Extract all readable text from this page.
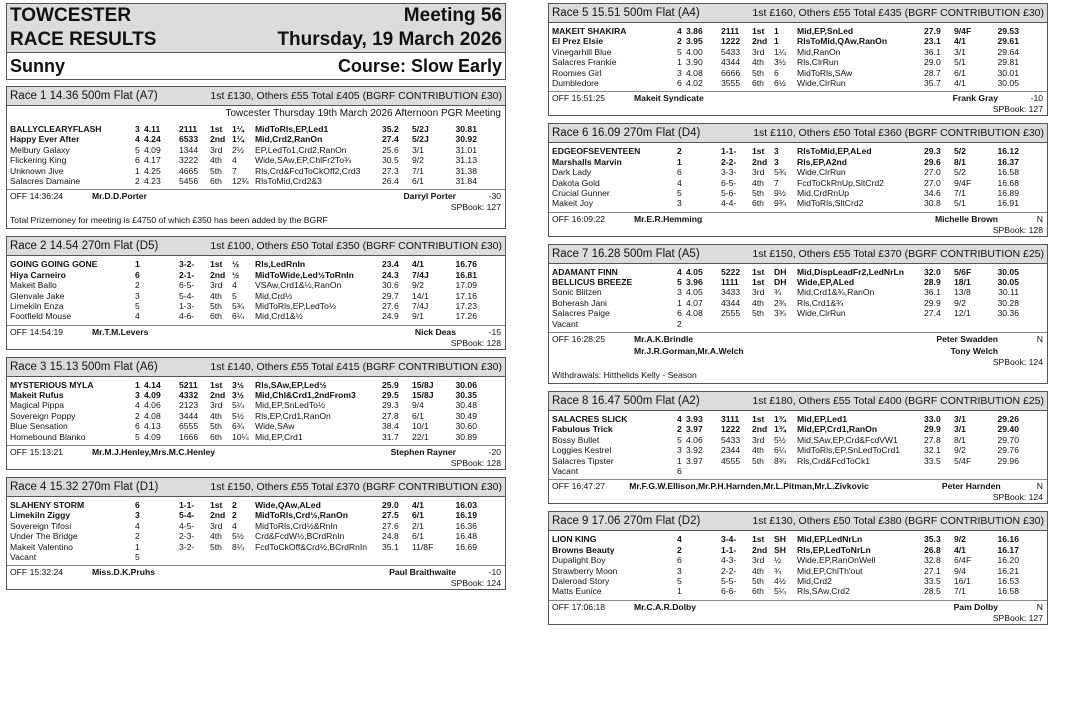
TOWCESTER	Meeting 56
RACE RESULTS	Thursday, 19 March 2026
Sunny	Course: Slow Early
Race 1 14.36 500m Flat (A7)	1st £130, Others £55 Total £405 (BGRF CONTRIBUTION £30)
Towcester Thursday 19th March 2026 Afternoon PGR Meeting
BALLYCLEARYFLASH	3 4.11	2111	1st	1¼	MidToRls,EP,Led1	35.2	5/2J	30.81
Happy Ever After	4 4.24	6533	2nd 1¼	Mid,Crd2,RanOn	27.4	5/2J	30.92
Melbury Galaxy	5 4.09	1344	3rd	2½	EP,LedTo1,Crd2,RanOn	25.6	3/1	31.01
Flickering King	6 4.17	3222	4th	4	Wide,SAw,EP,ChlFr2To¾	30.5	9/2	31.13
Unknown Jive	1 4.25	4665	5th	7	Rls,Crd&FcdToCkOff2,Crd3	27.3	7/1	31.38
Salacres Damaine	2 4.23	5456	6th	12¾ RlsToMid,Crd2&3	26.4	6/1	31.84
OFF 14:36:24	Mr.D.D.Porter	Darryl Porter	-30
SPBook: 127
Total Prizemoney for meeting is £4750 of which £350 has been added by the BGRF
Race 2 14.54 270m Flat (D5)	1st £100, Others £50 Total £350 (BGRF CONTRIBUTION £30)
GOING GOING GONE	1	3-2-	1st	½	Rls,LedRnIn	23.4	4/1	16.76
Hiya Carneiro	6	2-1-	2nd ½	MidToWide,Led½ToRnIn	24.3	7/4J	16.81
Makeit Ballo	2	6-5-	3rd	4	VSAw,Crd1&½,RanOn	30.6	9/2	17.09
Glenvale Jake	3	5-4-	4th	5	Mid,Crd½	29.7	14/1	17.16
Limekiln Enza	5	1-3-	5th	5¾	MidToRls,EP,LedTo½	27.6	7/4J	17.23
Footfield Mouse	4	4-6-	6th	6¼	Mid,Crd1&½	24.9	9/1	17.26
OFF 14:54:19	Mr.T.M.Levers	Nick Deas	-15
SPBook: 128
Race 3 15.13 500m Flat (A6)	1st £140, Others £55 Total £415 (BGRF CONTRIBUTION £30)
MYSTERIOUS MYLA	1 4.14	5211	1st	3½	Rls,SAw,EP,Led½	25.9	15/8J	30.06
Makeit Rufus	3 4.09	4332	2nd 3½	Mid,Chl&Crd1,2ndFrom3	29.5	15/8J	30.35
Magical Pippa	4 4.06	2123	3rd	5¼	Mid,EP,SnLedTo½	29.3	9/4	30.48
Sovereign Poppy	2 4.08	3444	4th	5½	Rls,EP,Crd1,RanOn	27.8	6/1	30.49
Blue Sensation	6 4.13	6555	5th	6¾	Wide,SAw	38.4	10/1	30.60
Homebound Blanko	5 4.09	1666	6th	10¼ Mid,EP,Crd1	31.7	22/1	30.89
OFF 15:13:21	Mr.M.J.Henley,Mrs.M.C.Henley	Stephen Rayner	-20
SPBook: 128
Race 4 15.32 270m Flat (D1)	1st £150, Others £55 Total £370 (BGRF CONTRIBUTION £30)
SLAHENY STORM	6	1-1-	1st	2	Wide,QAw,ALed	29.0	4/1	16.03
Limekiln Ziggy	3	5-4-	2nd 2	MidToRls,Crd½,RanOn	27.5	6/1	16.19
Sovereign Tifosi	4	4-5-	3rd	4	MidToRls,Crd½&RnIn	27.6	2/1	16.36
Under The Bridge	2	2-3-	4th	5½	Crd&FcdW½,BCrdRnIn	24.8	6/1	16.48
Makeit Valentino	1	3-2-	5th	8¼	FcdToCkOff&Crd½,BCrdRnIn	35.1	11/8F	16.69
Vacant	5
OFF 15:32:24	Miss.D.K.Pruhs	Paul Braithwaite	-10
SPBook: 124
Race 5 15.51 500m Flat (A4)	1st £160, Others £55 Total £435 (BGRF CONTRIBUTION £30)
MAKEIT SHAKIRA	4 3.86	2111	1st	1	Mid,EP,SnLed	27.9	9/4F	29.53
El Prez Elsie	2 3.95	1222	2nd 1	RlsToMid,QAw,RanOn	23.1	4/1	29.61
Vinegarhill Blue	5 4.00	5433	3rd	1¼	Mid,RanOn	36.1	3/1	29.64
Salacres Frankie	1 3.90	4344	4th	3½	Rls,ClrRun	29.0	5/1	29.81
Roomies Girl	3 4.08	6666	5th	6	MidToRls,SAw	28.7	6/1	30.01
Dumbledore	6 4.02	3555	6th	6½	Wide,ClrRun	35.7	4/1	30.05
OFF 15:51:25	Makeit Syndicate	Frank Gray	-10
SPBook: 127
Race 6 16.09 270m Flat (D4)	1st £110, Others £50 Total £360 (BGRF CONTRIBUTION £30)
EDGEOFSEVENTEEN	2	1-1-	1st	3	RlsToMid,EP,ALed	29.3	5/2	16.12
Marshalls Marvin	1	2-2-	2nd 3	Rls,EP,A2nd	29.6	8/1	16.37
Dark Lady	6	3-3-	3rd	5¾	Wide,ClrRun	27.0	5/2	16.58
Dakota Gold	4	6-5-	4th	7	FcdToCkRnUp,SltCrd2	27.0	9/4F	16.68
Crucial Gunner	5	5-6-	5th	9½	Mid,CrdRnUp	34.6	7/1	16.89
Makeit Joy	3	4-4-	6th	9¾	MidToRls,SltCrd2	30.8	5/1	16.91
OFF 16:09:22	Mr.E.R.Hemming	Michelle Brown	N
SPBook: 128
Race 7 16.28 500m Flat (A5)	1st £150, Others £55 Total £370 (BGRF CONTRIBUTION £25)
ADAMANT FINN	4 4.05	5222	1st	DH	Mid,DispLeadFr2,LedNrLn	32.0	5/6F	30.05
BELLICUS BREEZE	5 3.96	1111	1st	DH	Wide,EP,ALed	28.9	18/1	30.05
Sonic Blitzen	3 4.05	3433	3rd	¾	Mid,Crd1&¾,RanOn	36.1	13/8	30.11
Boherash Jani	1 4.07	4344	4th	2¾	Rls,Crd1&¾	29.9	9/2	30.28
Salacres Paige	6 4.08	2555	5th	3¾	Wide,ClrRun	27.4	12/1	30.36
Vacant	2
OFF 16:28:25	Mr.A.K.Brindle	Peter Swadden	N
Mr.J.R.Gorman,Mr.A.Welch	Tony Welch
SPBook: 124
Withdrawals: Hitthelids Kelly - Season
Race 8 16.47 500m Flat (A2)	1st £180, Others £55 Total £400 (BGRF CONTRIBUTION £25)
SALACRES SLICK	4 3.93	3111	1st	1¾	Mid,EP,Led1	33.0	3/1	29.26
Fabulous Trick	2 3.97	1222	2nd 1¾	Mid,EP,Crd1,RanOn	29.9	3/1	29.40
Bossy Bullet	5 4.06	5433	3rd	5½	Mid,SAw,EP,Crd&FcdVW1	27.8	8/1	29.70
Loggies Kestrel	3 3.92	2344	4th	6¼	MidToRls,EP,SnLedToCrd1	32.1	9/2	29.76
Salacres Tipster	1 3.97	4555	5th	8¾	Rls,Crd&FcdToCk1	33.5	5/4F	29.96
Vacant	6
OFF 16:47:27	Mr.F.G.W.Ellison,Mr.P.H.Harnden,Mr.L.Pitman,Mr.L.Zivkovic	Peter Harnden	N
SPBook: 124
Race 9 17.06 270m Flat (D2)	1st £130, Others £50 Total £380 (BGRF CONTRIBUTION £30)
LION KING	4	3-4-	1st	SH	Mid,EP,LedNrLn	35.3	9/2	16.16
Browns Beauty	2	1-1-	2nd SH	Rls,EP,LedToNrLn	26.8	4/1	16.17
Dupalight Boy	6	4-3-	3rd	½	Wide,EP,RanOnWell	32.8	6/4F	16.20
Strawberry Moon	3	2-2-	4th	¾	Mid,EP,ChlTh'out	27.1	9/4	16.21
Daleroad Story	5	5-5-	5th	4½	Mid,Crd2	33.5	16/1	16.53
Matts Eunice	1	6-6-	6th	5¼	Rls,SAw,Crd2	28.5	7/1	16.58
OFF 17:06:18	Mr.C.A.R.Dolby	Pam Dolby	N
SPBook: 127
